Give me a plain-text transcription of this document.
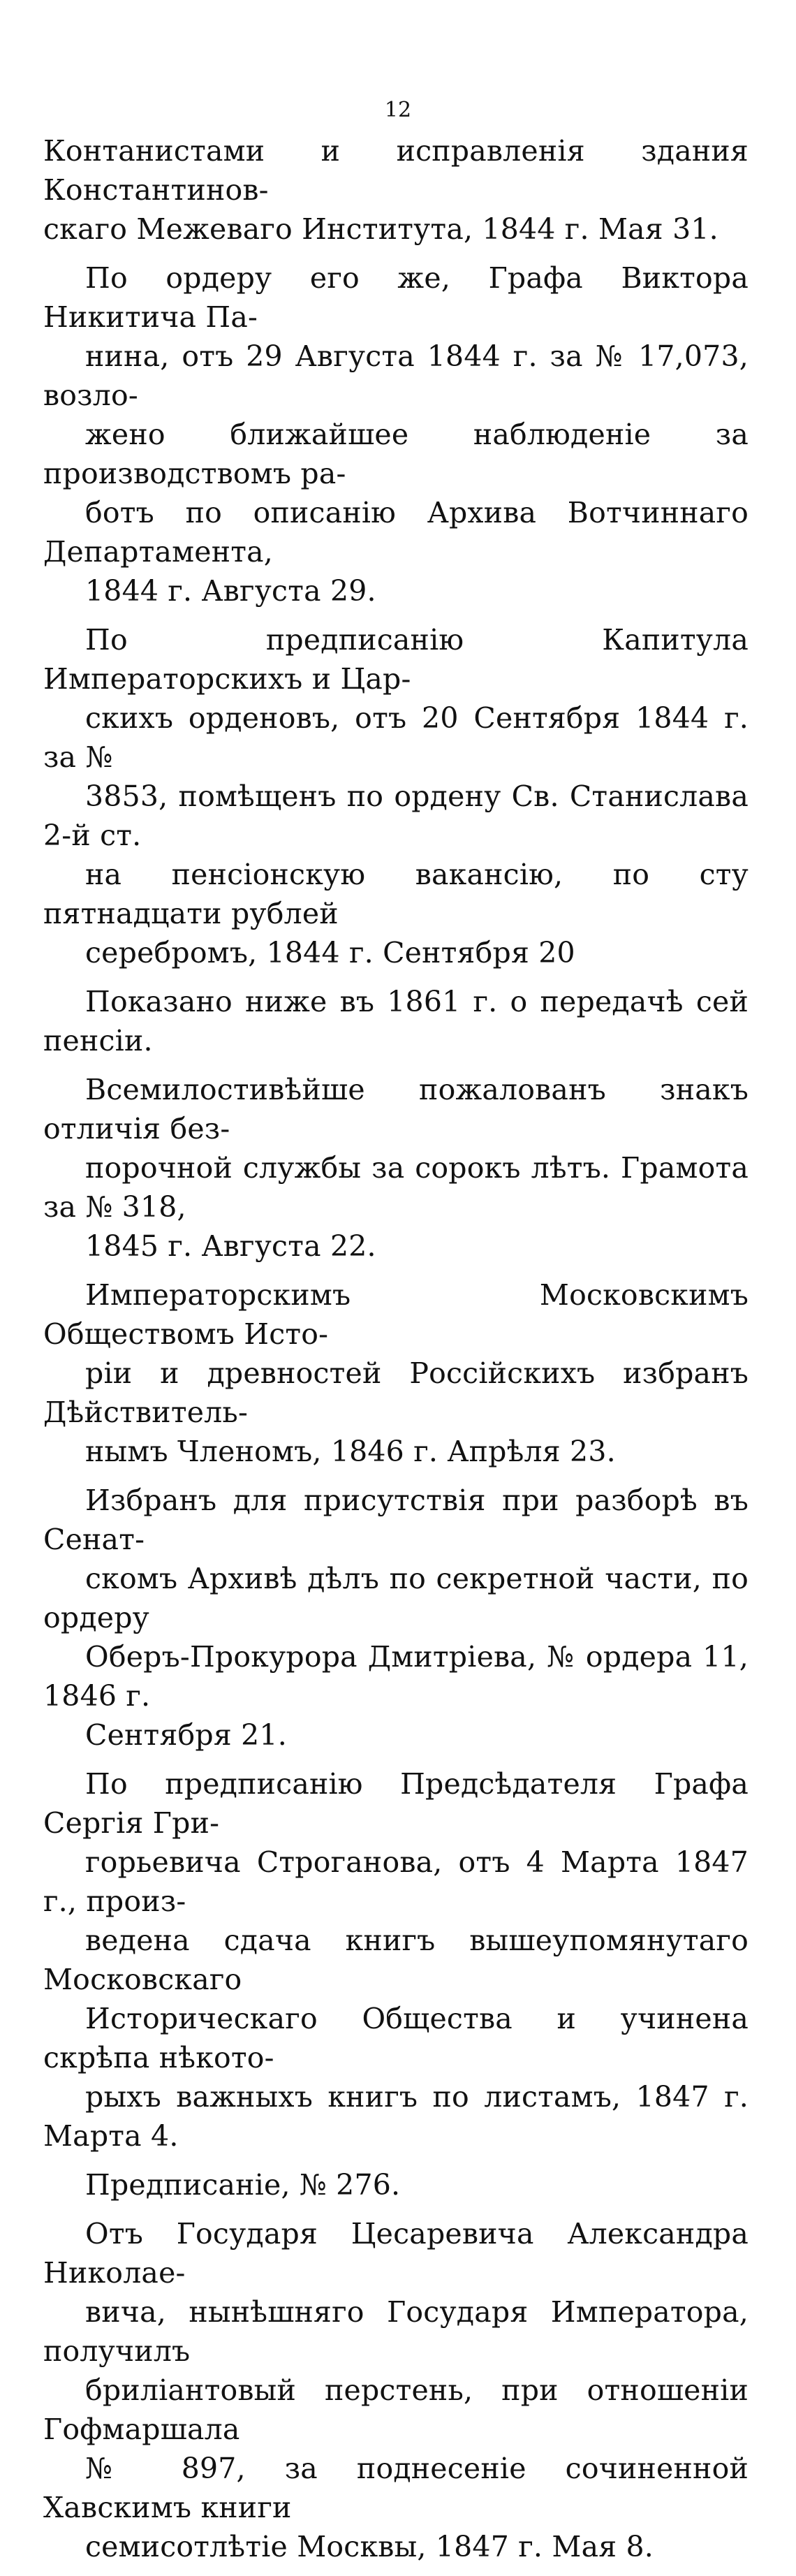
12

Контанистами и исправленія здания Константинов-
скаго Межеваго Института, 1844 г. Мая 31.

По ордеру его же, Графа Виктора Никитича Па-
нина, отъ 29 Августа 1844 г. за № 17,073, возло-
жено ближайшее наблюденіе за производствомъ ра-
ботъ по описанію Архива Вотчиннаго Департамента,
1844 г. Августа 29.

По предписанію Капитула Императорскихъ и Цар-
скихъ орденовъ, отъ 20 Сентября 1844 г. за №
3853, помѣщенъ по ордену Св. Станислава 2-й ст.
на пенсіонскую вакансію, по сту пятнадцати рублей
серебромъ, 1844 г. Сентября 20

Показано ниже въ 1861 г. о передачѣ сей пенсіи.

Всемилостивѣйше пожалованъ знакъ отличія без-
порочной службы за сорокъ лѣтъ. Грамота за № 318,
1845 г. Августа 22.

Императорскимъ Московскимъ Обществомъ Исто-
ріи и древностей Россійскихъ избранъ Дѣйствитель-
нымъ Членомъ, 1846 г. Апрѣля 23.

Избранъ для присутствія при разборѣ въ Сенат-
скомъ Архивѣ дѣлъ по секретной части, по ордеру
Оберъ-Прокурора Дмитріева, № ордера 11, 1846 г.
Сентября 21.

По предписанію Предсѣдателя Графа Сергія Гри-
горьевича Строганова, отъ 4 Марта 1847 г., произ-
ведена сдача книгъ вышеупомянутаго Московскаго
Историческаго Общества и учинена скрѣпа нѣкото-
рыхъ важныхъ книгъ по листамъ, 1847 г. Марта 4.

Предписаніе, № 276.

Отъ Государя Цесаревича Александра Николае-
вича, нынѣшняго Государя Императора, получилъ
бриліантовый перстень, при отношеніи Гофмаршала
№ 897, за поднесеніе сочиненной Хавскимъ книги
семисотлѣтіе Москвы, 1847 г. Мая 8.
